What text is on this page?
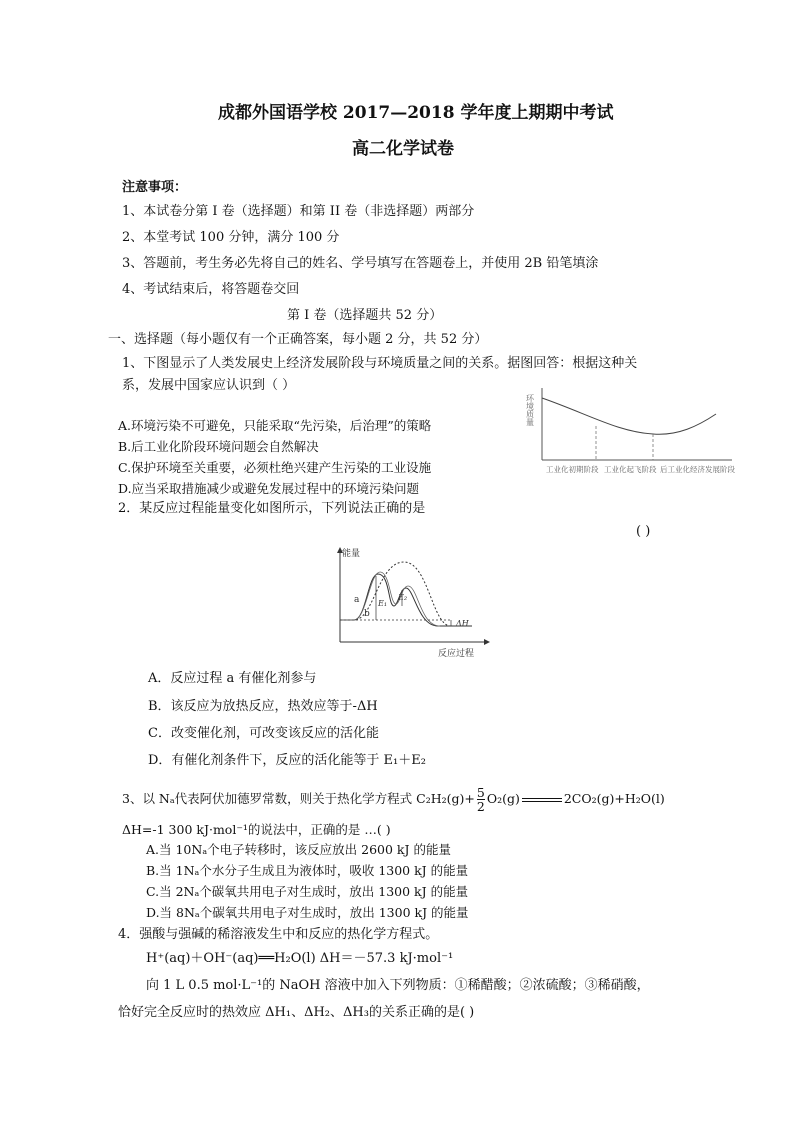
成都外国语学校 2017—2018 学年度上期期中考试
高二化学试卷
注意事项：
1、本试卷分第 I 卷（选择题）和第 II 卷（非选择题）两部分
2、本堂考试 100 分钟，满分 100 分
3、答题前，考生务必先将自己的姓名、学号填写在答题卷上，并使用 2B 铅笔填涂
4、考试结束后，将答题卷交回
第 I 卷（选择题共 52 分）
一、选择题（每小题仅有一个正确答案，每小题 2 分，共 52 分）
1、下图显示了人类发展史上经济发展阶段与环境质量之间的关系。据图回答：根据这种关
系，发展中国家应认识到（ ）
A.环境污染不可避免，只能采取“先污染，后治理”的策略
B.后工业化阶段环境问题会自然解决
C.保护环境至关重要，必须杜绝兴建产生污染的工业设施
D.应当采取措施减少或避免发展过程中的环境污染问题
环境质量
工业化初期阶段 工业化起飞阶段 后工业化经济发展阶段
2．某反应过程能量变化如图所示，下列说法正确的是
( )
能量
反应过程
a
b
E₁
E₂
ΔH
A．反应过程 a 有催化剂参与
B．该反应为放热反应，热效应等于-ΔH
C．改变催化剂，可改变该反应的活化能
D．有催化剂条件下，反应的活化能等于 E₁＋E₂
3、以 Nₐ代表阿伏加德罗常数，则关于热化学方程式 $C_2H_2(g)+ \frac{5}{2} O_2(g)$	2CO₂(g)+H₂O(l)
ΔH=-1 300 kJ·mol⁻¹的说法中，正确的是 …( )
A.当 10Nₐ个电子转移时，该反应放出 2600 kJ 的能量
B.当 1Nₐ个水分子生成且为液体时，吸收 1300 kJ 的能量
C.当 2Nₐ个碳氧共用电子对生成时，放出 1300 kJ 的能量
D.当 8Nₐ个碳氧共用电子对生成时，放出 1300 kJ 的能量
4．强酸与强碱的稀溶液发生中和反应的热化学方程式。
H⁺(aq)＋OH⁻(aq)══H₂O(l) ΔH＝－57.3 kJ·mol⁻¹
向 1 L 0.5 mol·L⁻¹的 NaOH 溶液中加入下列物质：①稀醋酸；②浓硫酸；③稀硝酸，
恰好完全反应时的热效应 ΔH₁、ΔH₂、ΔH₃的关系正确的是( )
